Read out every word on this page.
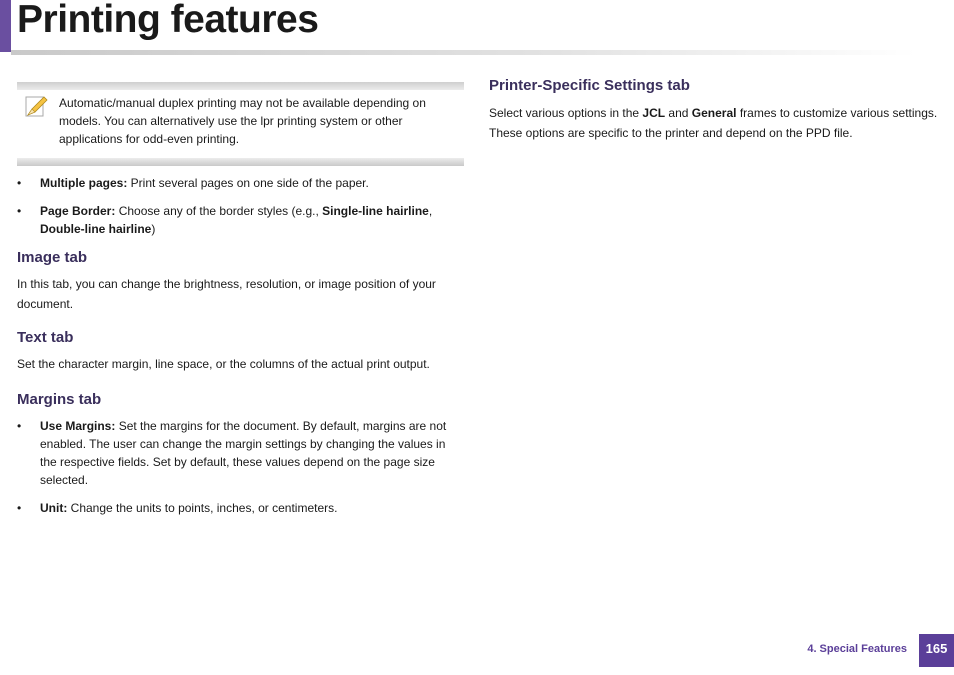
Printing features

Automatic/manual duplex printing may not be available depending on models. You can alternatively use the lpr printing system or other applications for odd-even printing.

• Multiple pages: Print several pages on one side of the paper.
• Page Border: Choose any of the border styles (e.g., Single-line hairline, Double-line hairline)
Image tab

In this tab, you can change the brightness, resolution, or image position of your document.

Text tab

Set the character margin, line space, or the columns of the actual print output.

Margins tab
• Use Margins: Set the margins for the document. By default, margins are not enabled. The user can change the margin settings by changing the values in the respective fields. Set by default, these values depend on the page size selected.
• Unit: Change the units to points, inches, or centimeters.
Printer-Specific Settings tab

Select various options in the JCL and General frames to customize various settings. These options are specific to the printer and depend on the PPD file.

4. Special Features	165
